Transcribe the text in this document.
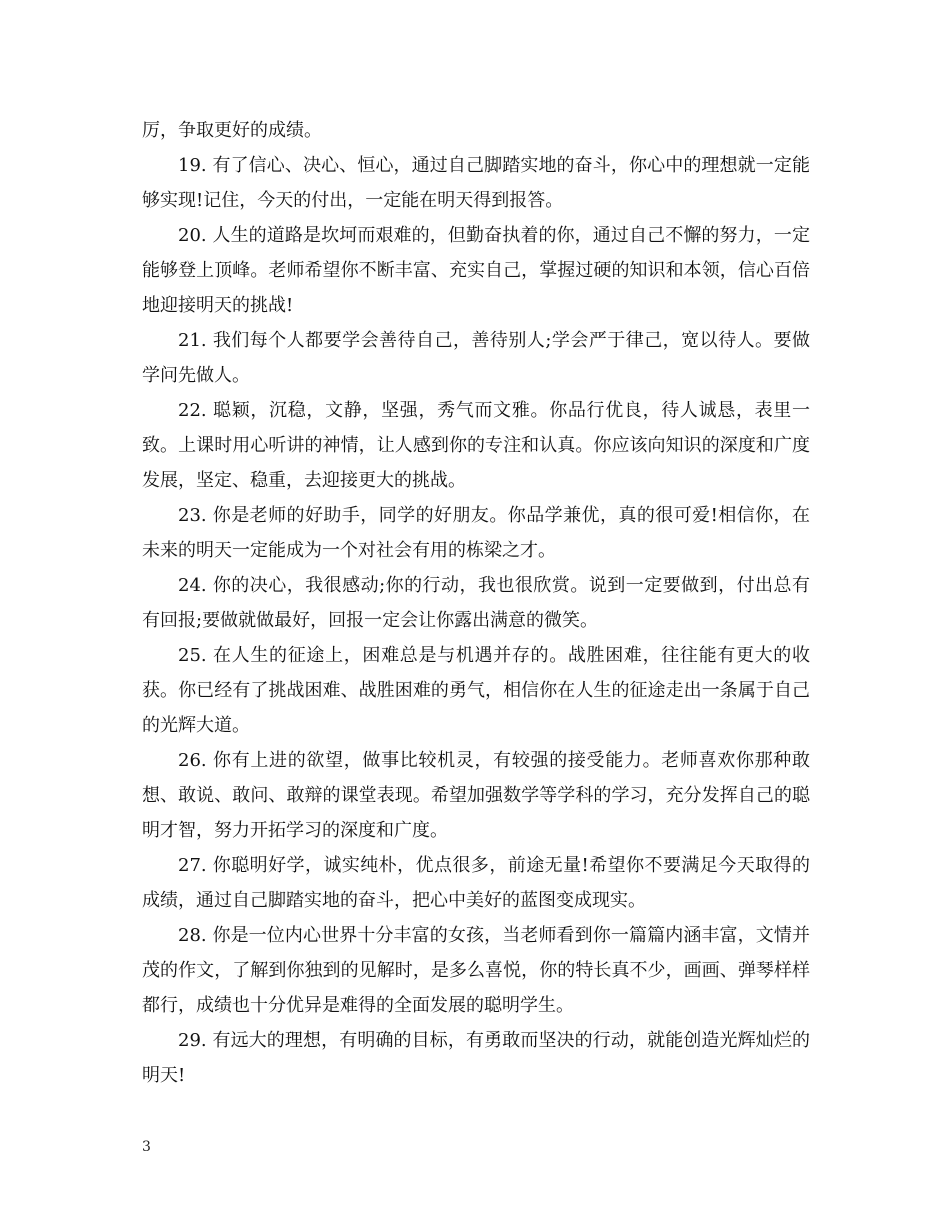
厉，争取更好的成绩。

19. 有了信心、决心、恒心，通过自己脚踏实地的奋斗，你心中的理想就一定能够实现!记住，今天的付出，一定能在明天得到报答。

20. 人生的道路是坎坷而艰难的，但勤奋执着的你，通过自己不懈的努力，一定能够登上顶峰。老师希望你不断丰富、充实自己，掌握过硬的知识和本领，信心百倍地迎接明天的挑战!

21. 我们每个人都要学会善待自己，善待别人;学会严于律己，宽以待人。要做学问先做人。

22. 聪颖，沉稳，文静，坚强，秀气而文雅。你品行优良，待人诚恳，表里一致。上课时用心听讲的神情，让人感到你的专注和认真。你应该向知识的深度和广度发展，坚定、稳重，去迎接更大的挑战。

23. 你是老师的好助手，同学的好朋友。你品学兼优，真的很可爱!相信你，在未来的明天一定能成为一个对社会有用的栋梁之才。

24. 你的决心，我很感动;你的行动，我也很欣赏。说到一定要做到，付出总有有回报;要做就做最好，回报一定会让你露出满意的微笑。

25. 在人生的征途上，困难总是与机遇并存的。战胜困难，往往能有更大的收获。你已经有了挑战困难、战胜困难的勇气，相信你在人生的征途走出一条属于自己的光辉大道。

26. 你有上进的欲望，做事比较机灵，有较强的接受能力。老师喜欢你那种敢想、敢说、敢问、敢辩的课堂表现。希望加强数学等学科的学习，充分发挥自己的聪明才智，努力开拓学习的深度和广度。

27. 你聪明好学，诚实纯朴，优点很多，前途无量!希望你不要满足今天取得的成绩，通过自己脚踏实地的奋斗，把心中美好的蓝图变成现实。

28. 你是一位内心世界十分丰富的女孩，当老师看到你一篇篇内涵丰富，文情并茂的作文，了解到你独到的见解时，是多么喜悦，你的特长真不少，画画、弹琴样样都行，成绩也十分优异是难得的全面发展的聪明学生。

29. 有远大的理想，有明确的目标，有勇敢而坚决的行动，就能创造光辉灿烂的明天!

3
